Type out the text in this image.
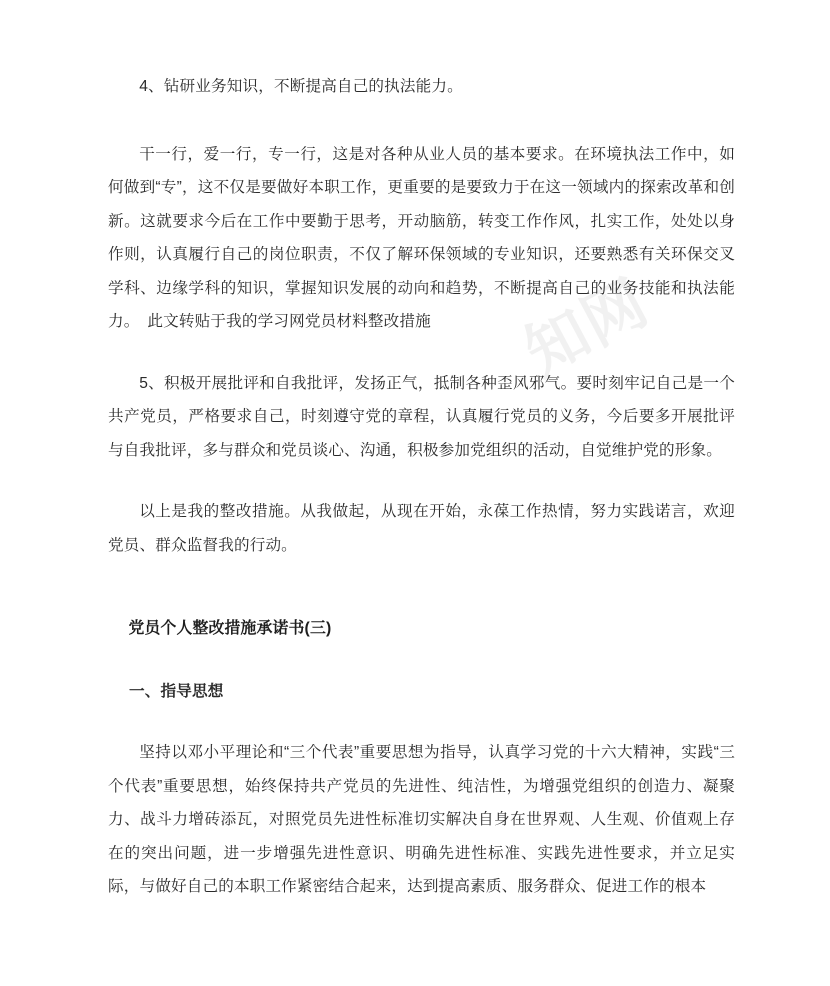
知网

4、钻研业务知识，不断提高自己的执法能力。

干一行，爱一行，专一行，这是对各种从业人员的基本要求。在环境执法工作中，如何做到“专”，这不仅是要做好本职工作，更重要的是要致力于在这一领域内的探索改革和创新。这就要求今后在工作中要勤于思考，开动脑筋，转变工作作风，扎实工作，处处以身作则，认真履行自己的岗位职责，不仅了解环保领域的专业知识，还要熟悉有关环保交叉学科、边缘学科的知识，掌握知识发展的动向和趋势，不断提高自己的业务技能和执法能力。　此文转贴于我的学习网党员材料整改措施

5、积极开展批评和自我批评，发扬正气，抵制各种歪风邪气。要时刻牢记自己是一个共产党员，严格要求自己，时刻遵守党的章程，认真履行党员的义务，今后要多开展批评与自我批评，多与群众和党员谈心、沟通，积极参加党组织的活动，自觉维护党的形象。

以上是我的整改措施。从我做起，从现在开始，永葆工作热情，努力实践诺言，欢迎党员、群众监督我的行动。

党员个人整改措施承诺书(三)
一、指导思想

坚持以邓小平理论和“三个代表”重要思想为指导，认真学习党的十六大精神，实践“三个代表”重要思想，始终保持共产党员的先进性、纯洁性，为增强党组织的创造力、凝聚力、战斗力增砖添瓦，对照党员先进性标准切实解决自身在世界观、人生观、价值观上存在的突出问题，进一步增强先进性意识、明确先进性标准、实践先进性要求，并立足实际，与做好自己的本职工作紧密结合起来，达到提高素质、服务群众、促进工作的根本
